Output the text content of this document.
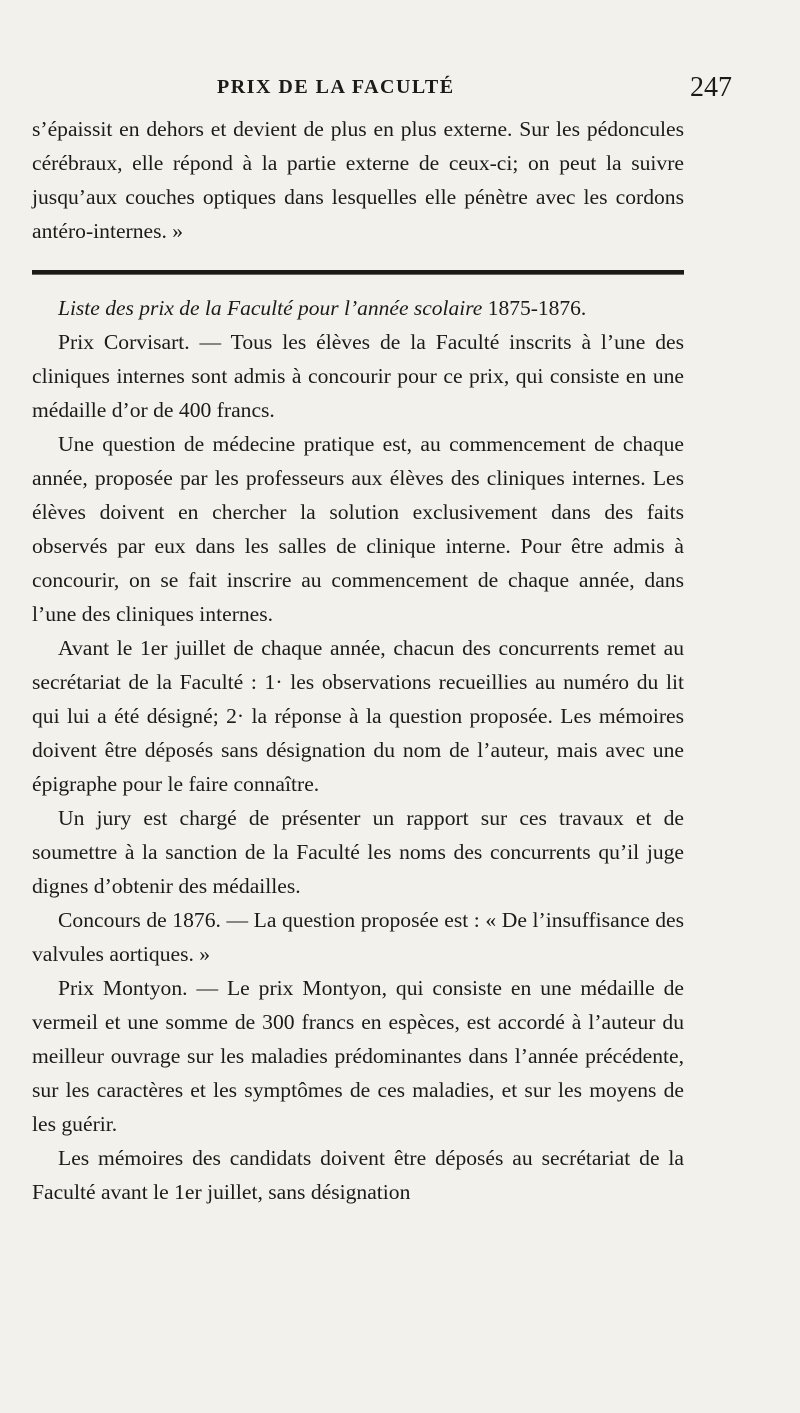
PRIX DE LA FACULTÉ	247

s’épaissit en dehors et devient de plus en plus externe. Sur les pédoncules cérébraux, elle répond à la partie externe de ceux-ci; on peut la suivre jusqu’aux couches optiques dans lesquelles elle pénètre avec les cordons antéro-internes. »

Liste des prix de la Faculté pour l’année scolaire 1875-1876.

Prix Corvisart. — Tous les élèves de la Faculté inscrits à l’une des cliniques internes sont admis à concourir pour ce prix, qui consiste en une médaille d’or de 400 francs.

Une question de médecine pratique est, au commencement de chaque année, proposée par les professeurs aux élèves des cliniques internes. Les élèves doivent en chercher la solution exclusivement dans des faits observés par eux dans les salles de clinique interne. Pour être admis à concourir, on se fait inscrire au commencement de chaque année, dans l’une des cliniques internes.

Avant le 1er juillet de chaque année, chacun des concurrents remet au secrétariat de la Faculté : 1· les observations recueillies au numéro du lit qui lui a été désigné; 2· la réponse à la question proposée. Les mémoires doivent être déposés sans désignation du nom de l’auteur, mais avec une épigraphe pour le faire connaître.

Un jury est chargé de présenter un rapport sur ces travaux et de soumettre à la sanction de la Faculté les noms des concurrents qu’il juge dignes d’obtenir des médailles.

Concours de 1876. — La question proposée est : « De l’insuffisance des valvules aortiques. »

Prix Montyon. — Le prix Montyon, qui consiste en une médaille de vermeil et une somme de 300 francs en espèces, est accordé à l’auteur du meilleur ouvrage sur les maladies prédominantes dans l’année précédente, sur les caractères et les symptômes de ces maladies, et sur les moyens de les guérir.

Les mémoires des candidats doivent être déposés au secrétariat de la Faculté avant le 1er juillet, sans désignation
